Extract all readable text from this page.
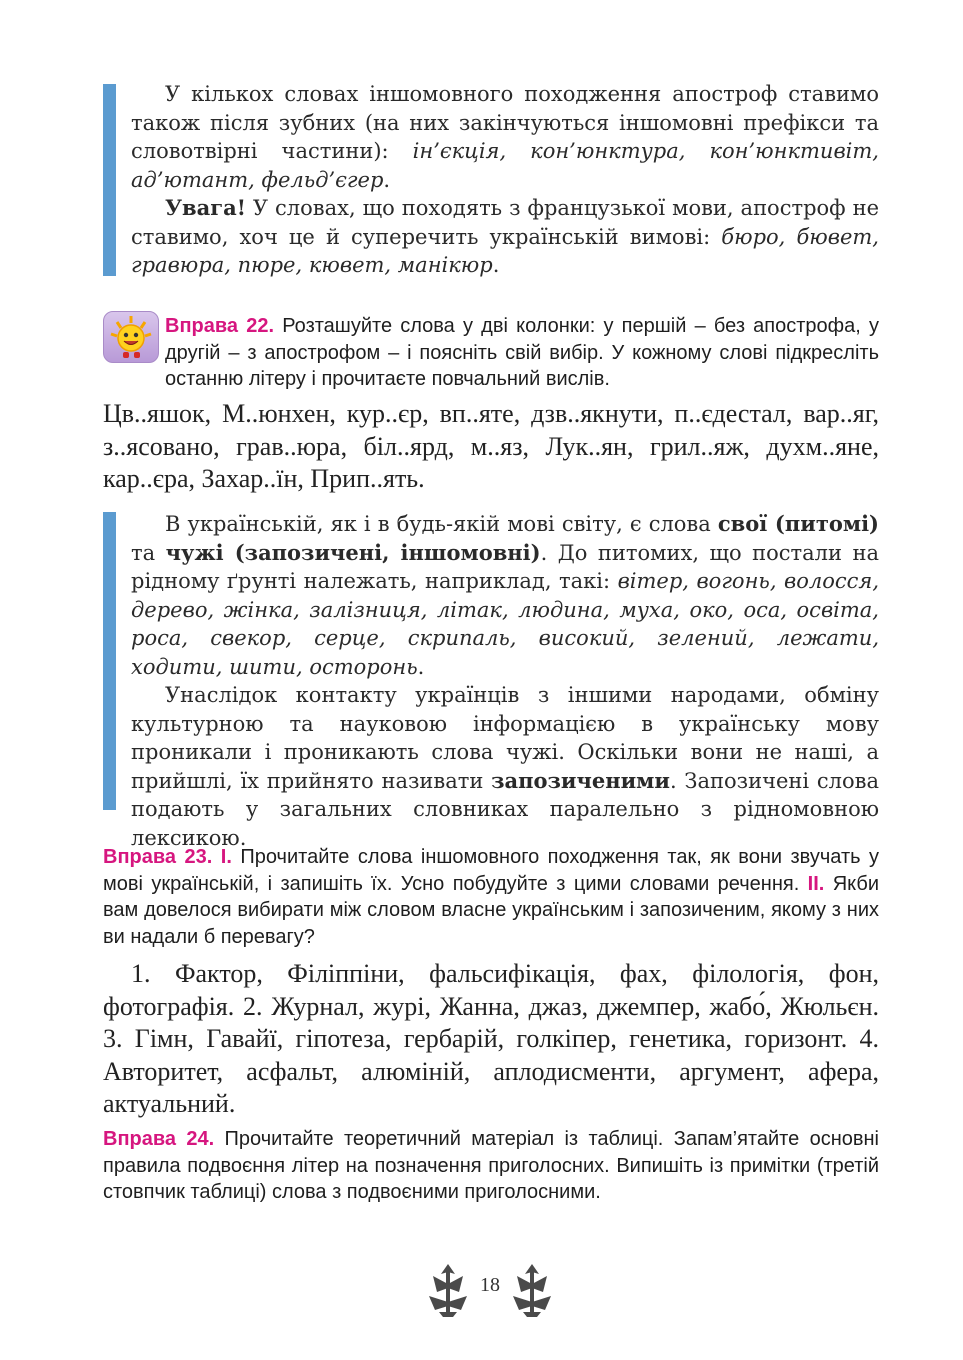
У кількох словах іншомовного походження апостроф ставимо також після зубних (на них закінчуються іншомовні префікси та словотвірні частини): ін’єкція, кон’юнктура, кон’юнктивіт, ад’ютант, фельд’єгер.

Увага! У словах, що походять з французької мови, апостроф не ставимо, хоч це й суперечить українській вимові: бюро, бювет, гравюра, пюре, кювет, манікюр.

Вправа 22. Розташуйте слова у дві колонки: у першій – без апострофа, у другій – з апострофом – і поясніть свій вибір. У кожному слові підкресліть останню літеру і прочитаєте повчальний вислів.

Цв..яшок, М..юнхен, кур..єр, вп..яте, дзв..якнути, п..єдестал, вар..яг, з..ясовано, грав..юра, біл..ярд, м..яз, Лук..ян, грил..яж, духм..яне, кар..єра, Захар..їн, Прип..ять.

В українській, як і в будь-якій мові світу, є слова свої (питомі) та чужі (запозичені, іншомовні). До питомих, що постали на рідному ґрунті належать, наприклад, такі: вітер, вогонь, волосся, дерево, жінка, залізниця, літак, людина, муха, око, оса, освіта, роса, свекор, серце, скрипаль, високий, зелений, лежати, ходити, шити, осторонь.

Унаслідок контакту українців з іншими народами, обміну культурною та науковою інформацією в українську мову проникали і проникають слова чужі. Оскільки вони не наші, а прийшлі, їх прийнято називати запозиченими. Запозичені слова подають у загальних словниках паралельно з рідномовною лексикою.

Вправа 23. І. Прочитайте слова іншомовного походження так, як вони звучать у мові українській, і запишіть їх. Усно побудуйте з цими словами речення. ІІ. Якби вам довелося вибирати між словом власне українським і запозиченим, якому з них ви надали б перевагу?

1. Фактор, Філіппіни, фальсифікація, фах, філологія, фон, фотографія. 2. Журнал, журі, Жанна, джаз, джемпер, жабо́, Жюльєн. 3. Гімн, Гавайї, гіпотеза, гербарій, голкіпер, генетика, горизонт. 4. Авторитет, асфальт, алюміній, аплодисменти, аргумент, афера, актуальний.

Вправа 24. Прочитайте теоретичний матеріал із таблиці. Запам’ятайте основні правила подвоєння літер на позначення приголосних. Випишіть із примітки (третій стовпчик таблиці) слова з подвоєними приголосними.
18
